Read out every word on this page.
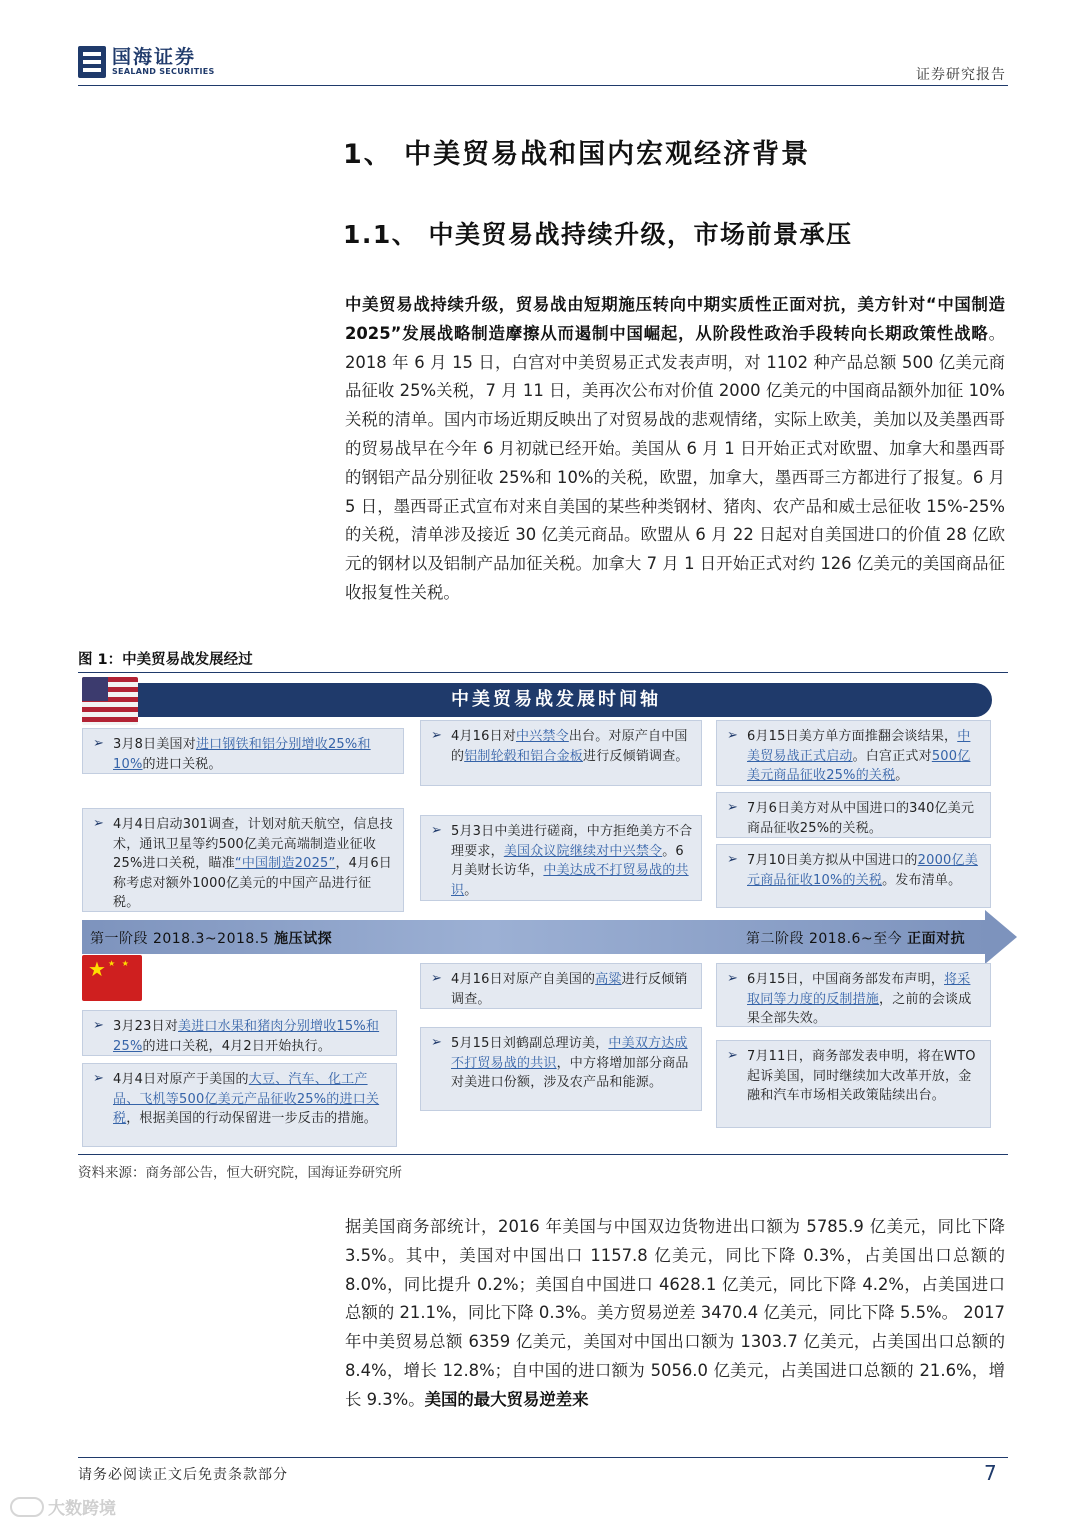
国海证券
SEALAND SECURITIES	证券研究报告
1、 中美贸易战和国内宏观经济背景
1.1、 中美贸易战持续升级，市场前景承压
中美贸易战持续升级，贸易战由短期施压转向中期实质性正面对抗，美方针对“中国制造 2025”发展战略制造摩擦从而遏制中国崛起，从阶段性政治手段转向长期政策性战略。2018 年 6 月 15 日，白宫对中美贸易正式发表声明，对 1102 种产品总额 500 亿美元商品征收 25%关税，7 月 11 日，美再次公布对价值 2000 亿美元的中国商品额外加征 10%关税的清单。国内市场近期反映出了对贸易战的悲观情绪，实际上欧美，美加以及美墨西哥的贸易战早在今年 6 月初就已经开始。美国从 6 月 1 日开始正式对欧盟、加拿大和墨西哥的钢铝产品分别征收 25%和 10%的关税，欧盟，加拿大，墨西哥三方都进行了报复。6 月 5 日，墨西哥正式宣布对来自美国的某些种类钢材、猪肉、农产品和威士忌征收 15%-25%的关税，清单涉及接近 30 亿美元商品。欧盟从 6 月 22 日起对自美国进口的价值 28 亿欧元的钢材以及铝制产品加征关税。加拿大 7 月 1 日开始正式对约 126 亿美元的美国商品征收报复性关税。
图 1：中美贸易战发展经过
中美贸易战发展时间轴
➢ 3月8日美国对进口钢铁和铝分别增收25%和10%的进口关税。
➢ 4月4日启动301调查，计划对航天航空，信息技术，通讯卫星等约500亿美元高端制造业征收25%进口关税，瞄准“中国制造2025”，4月6日称考虑对额外1000亿美元的中国产品进行征税。
➢ 4月16日对中兴禁令出台。对原产自中国的铝制轮毂和铝合金板进行反倾销调查。
➢ 5月3日中美进行磋商，中方拒绝美方不合理要求，美国众议院继续对中兴禁令。6月美财长访华，中美达成不打贸易战的共识。
➢ 6月15日美方单方面推翻会谈结果，中美贸易战正式启动。白宫正式对500亿美元商品征收25%的关税。
➢ 7月6日美方对从中国进口的340亿美元商品征收25%的关税。
➢ 7月10日美方拟从中国进口的2000亿美元商品征收10%的关税。发布清单。
第一阶段 2018.3~2018.5 施压试探	第二阶段 2018.6~至今 正面对抗
★ ★ ★
➢ 3月23日对美进口水果和猪肉分别增收15%和25%的进口关税，4月2日开始执行。
➢ 4月4日对原产于美国的大豆、汽车、化工产品、飞机等500亿美元产品征收25%的进口关税，根据美国的行动保留进一步反击的措施。
➢ 4月16日对原产自美国的高粱进行反倾销调查。
➢ 5月15日刘鹤副总理访美，中美双方达成不打贸易战的共识，中方将增加部分商品对美进口份额，涉及农产品和能源。
➢ 6月15日，中国商务部发布声明，将采取同等力度的反制措施，之前的会谈成果全部失效。
➢ 7月11日，商务部发表申明，将在WTO起诉美国，同时继续加大改革开放，金融和汽车市场相关政策陆续出台。
资料来源：商务部公告，恒大研究院，国海证券研究所
据美国商务部统计，2016 年美国与中国双边货物进出口额为 5785.9 亿美元，同比下降 3.5%。其中，美国对中国出口 1157.8 亿美元，同比下降 0.3%，占美国出口总额的 8.0%，同比提升 0.2%；美国自中国进口 4628.1 亿美元，同比下降 4.2%，占美国进口总额的 21.1%，同比下降 0.3%。美方贸易逆差 3470.4 亿美元，同比下降 5.5%。 2017 年中美贸易总额 6359 亿美元，美国对中国出口额为 1303.7 亿美元，占美国出口总额的 8.4%，增长 12.8%；自中国的进口额为 5056.0 亿美元，占美国进口总额的 21.6%，增长 9.3%。美国的最大贸易逆差来
请务必阅读正文后免责条款部分	7
大数跨境
